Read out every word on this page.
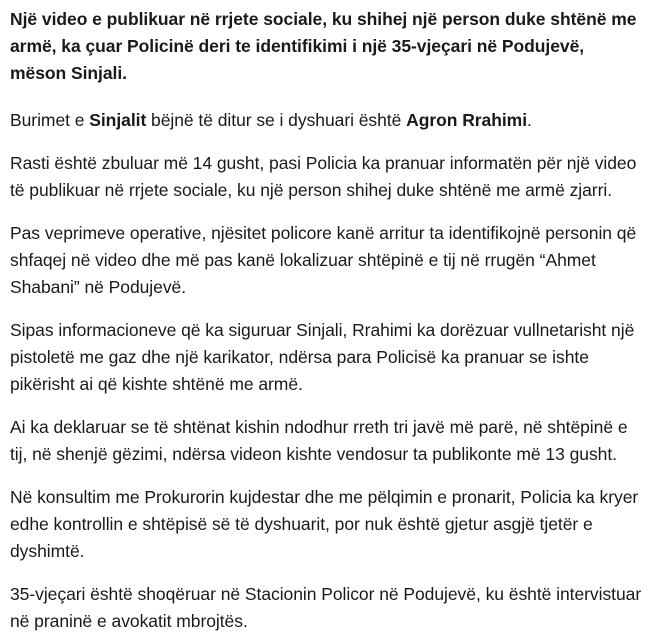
Një video e publikuar në rrjete sociale, ku shihej një person duke shtënë me armë, ka çuar Policinë deri te identifikimi i një 35-vjeçari në Podujevë, mëson Sinjali.

Burimet e Sinjalit bëjnë të ditur se i dyshuari është Agron Rrahimi.

Rasti është zbuluar më 14 gusht, pasi Policia ka pranuar informatën për një video të publikuar në rrjete sociale, ku një person shihej duke shtënë me armë zjarri.

Pas veprimeve operative, njësitet policore kanë arritur ta identifikojnë personin që shfaqej në video dhe më pas kanë lokalizuar shtëpinë e tij në rrugën “Ahmet Shabani” në Podujevë.

Sipas informacioneve që ka siguruar Sinjali, Rrahimi ka dorëzuar vullnetarisht një pistoletë me gaz dhe një karikator, ndërsa para Policisë ka pranuar se ishte pikërisht ai që kishte shtënë me armë.

Ai ka deklaruar se të shtënat kishin ndodhur rreth tri javë më parë, në shtëpinë e tij, në shenjë gëzimi, ndërsa videon kishte vendosur ta publikonte më 13 gusht.

Në konsultim me Prokurorin kujdestar dhe me pëlqimin e pronarit, Policia ka kryer edhe kontrollin e shtëpisë së të dyshuarit, por nuk është gjetur asgjë tjetër e dyshimtë.

35-vjeçari është shoqëruar në Stacionin Policor në Podujevë, ku është intervistuar në praninë e avokatit mbrojtës.
